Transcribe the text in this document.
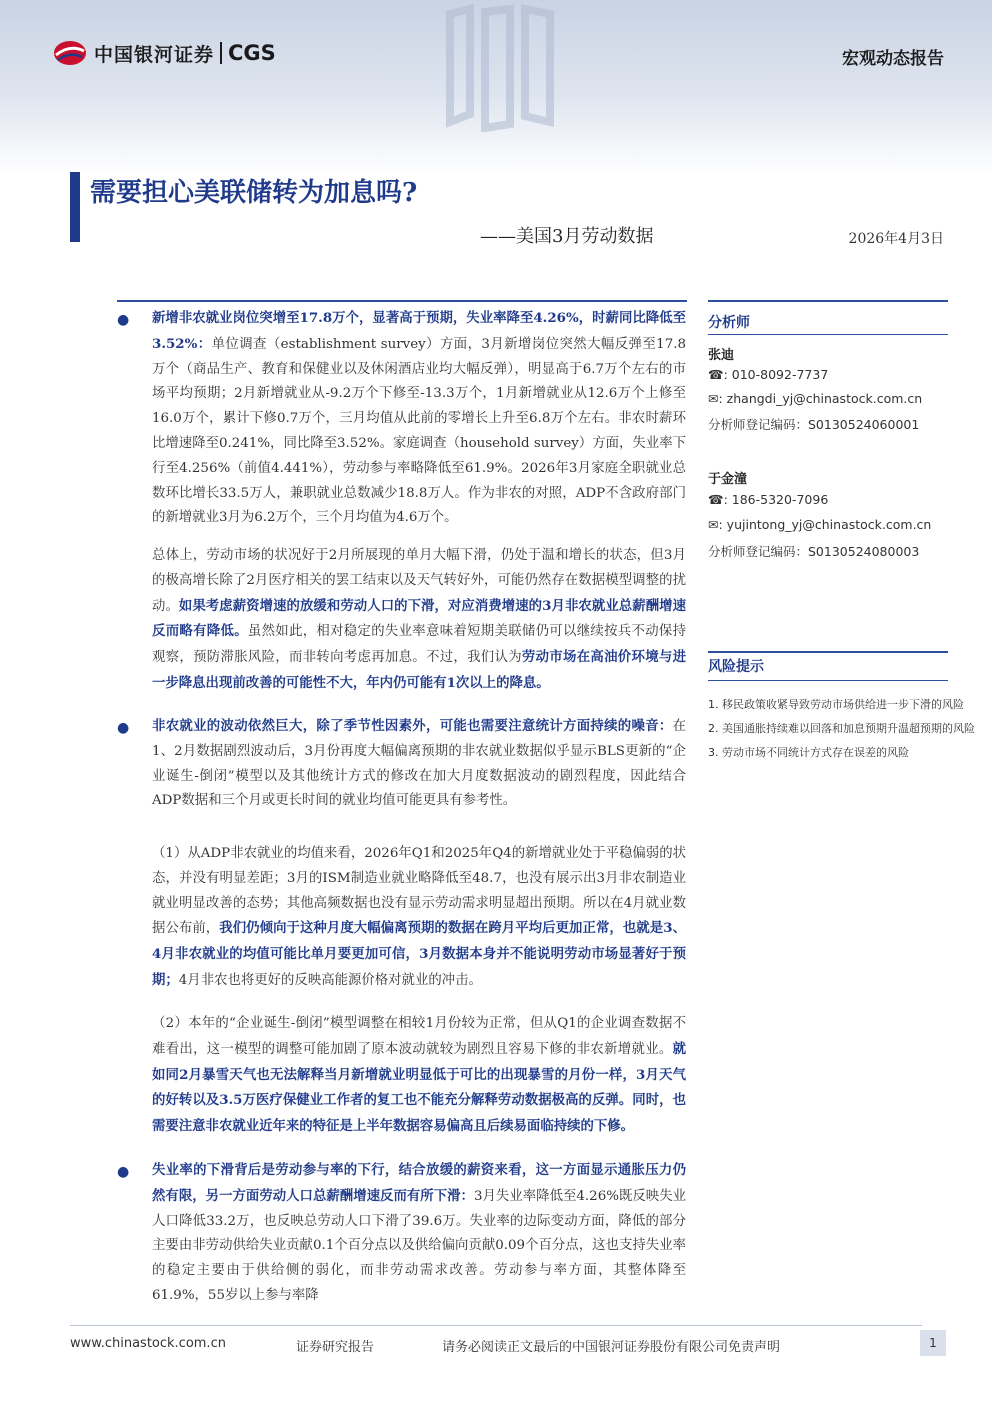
中国银河证券 CGS	宏观动态报告
需要担心美联储转为加息吗?
——美国3月劳动数据	2026年4月3日
● 新增非农就业岗位突增至17.8万个，显著高于预期，失业率降至4.26%，时薪同比降低至3.52%：单位调查（establishment survey）方面，3月新增岗位突然大幅反弹至17.8万个（商品生产、教育和保健业以及休闲酒店业均大幅反弹），明显高于6.7万个左右的市场平均预期；2月新增就业从-9.2万个下修至-13.3万个，1月新增就业从12.6万个上修至16.0万个，累计下修0.7万个，三月均值从此前的零增长上升至6.8万个左右。非农时薪环比增速降至0.241%，同比降至3.52%。家庭调查（household survey）方面，失业率下行至4.256%（前值4.441%），劳动参与率略降低至61.9%。2026年3月家庭全职就业总数环比增长33.5万人，兼职就业总数减少18.8万人。作为非农的对照，ADP不含政府部门的新增就业3月为6.2万个，三个月均值为4.6万个。

总体上，劳动市场的状况好于2月所展现的单月大幅下滑，仍处于温和增长的状态，但3月的极高增长除了2月医疗相关的罢工结束以及天气转好外，可能仍然存在数据模型调整的扰动。如果考虑薪资增速的放缓和劳动人口的下滑，对应消费增速的3月非农就业总薪酬增速反而略有降低。虽然如此，相对稳定的失业率意味着短期美联储仍可以继续按兵不动保持观察，预防滞胀风险，而非转向考虑再加息。不过，我们认为劳动市场在高油价环境与进一步降息出现前改善的可能性不大，年内仍可能有1次以上的降息。

● 非农就业的波动依然巨大，除了季节性因素外，可能也需要注意统计方面持续的噪音：在1、2月数据剧烈波动后，3月份再度大幅偏离预期的非农就业数据似乎显示BLS更新的“企业诞生-倒闭”模型以及其他统计方式的修改在加大月度数据波动的剧烈程度，因此结合ADP数据和三个月或更长时间的就业均值可能更具有参考性。

（1）从ADP非农就业的均值来看，2026年Q1和2025年Q4的新增就业处于平稳偏弱的状态，并没有明显差距；3月的ISM制造业就业略降低至48.7，也没有展示出3月非农制造业就业明显改善的态势；其他高频数据也没有显示劳动需求明显超出预期。所以在4月就业数据公布前，我们仍倾向于这种月度大幅偏离预期的数据在跨月平均后更加正常，也就是3、4月非农就业的均值可能比单月要更加可信，3月数据本身并不能说明劳动市场显著好于预期；4月非农也将更好的反映高能源价格对就业的冲击。

（2）本年的“企业诞生-倒闭”模型调整在相较1月份较为正常，但从Q1的企业调查数据不难看出，这一模型的调整可能加剧了原本波动就较为剧烈且容易下修的非农新增就业。就如同2月暴雪天气也无法解释当月新增就业明显低于可比的出现暴雪的月份一样，3月天气的好转以及3.5万医疗保健业工作者的复工也不能充分解释劳动数据极高的反弹。同时，也需要注意非农就业近年来的特征是上半年数据容易偏高且后续易面临持续的下修。

● 失业率的下滑背后是劳动参与率的下行，结合放缓的薪资来看，这一方面显示通胀压力仍然有限，另一方面劳动人口总薪酬增速反而有所下滑：3月失业率降低至4.26%既反映失业人口降低33.2万，也反映总劳动人口下滑了39.6万。失业率的边际变动方面，降低的部分主要由非劳动供给失业贡献0.1个百分点以及供给偏向贡献0.09个百分点，这也支持失业率的稳定主要由于供给侧的弱化，而非劳动需求改善。劳动参与率方面，其整体降至61.9%，55岁以上参与率降

分析师
张迪
☎: 010-8092-7737
✉: zhangdi_yj@chinastock.com.cn
分析师登记编码：S0130524060001
于金潼
☎: 186-5320-7096
✉: yujintong_yj@chinastock.com.cn
分析师登记编码：S0130524080003
风险提示
1. 移民政策收紧导致劳动市场供给进一步下滑的风险
2. 美国通胀持续难以回落和加息预期升温超预期的风险
3. 劳动市场不同统计方式存在误差的风险
www.chinastock.com.cn	证券研究报告	请务必阅读正文最后的中国银河证券股份有限公司免责声明	1
